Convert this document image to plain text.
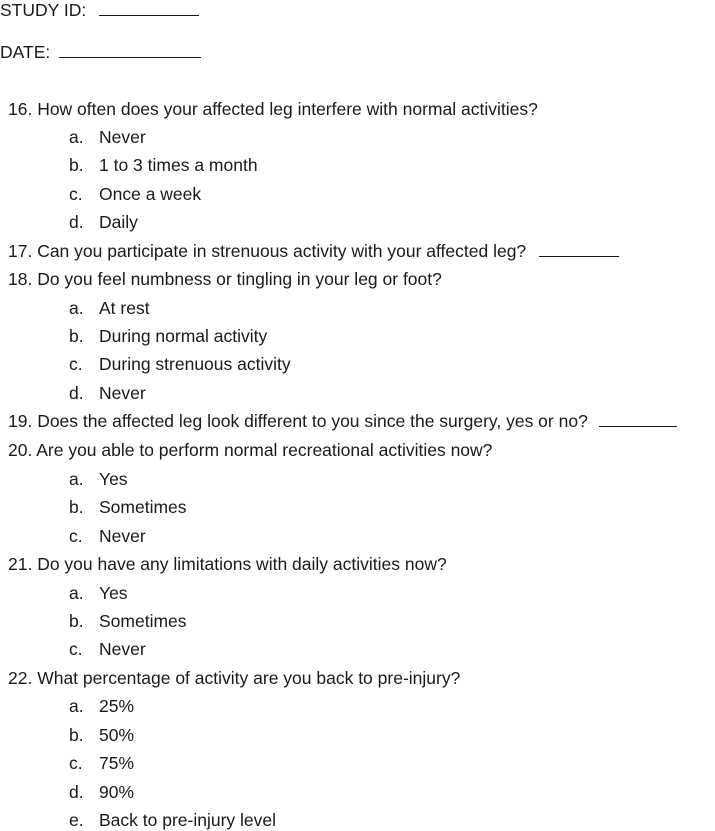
STUDY ID:
DATE:
16. How often does your affected leg interfere with normal activities?
a. Never
b. 1 to 3 times a month
c. Once a week
d. Daily
17. Can you participate in strenuous activity with your affected leg?
18. Do you feel numbness or tingling in your leg or foot?
a. At rest
b. During normal activity
c. During strenuous activity
d. Never
19. Does the affected leg look different to you since the surgery, yes or no?
20. Are you able to perform normal recreational activities now?
a. Yes
b. Sometimes
c. Never
21. Do you have any limitations with daily activities now?
a. Yes
b. Sometimes
c. Never
22. What percentage of activity are you back to pre-injury?
a. 25%
b. 50%
c. 75%
d. 90%
e. Back to pre-injury level
